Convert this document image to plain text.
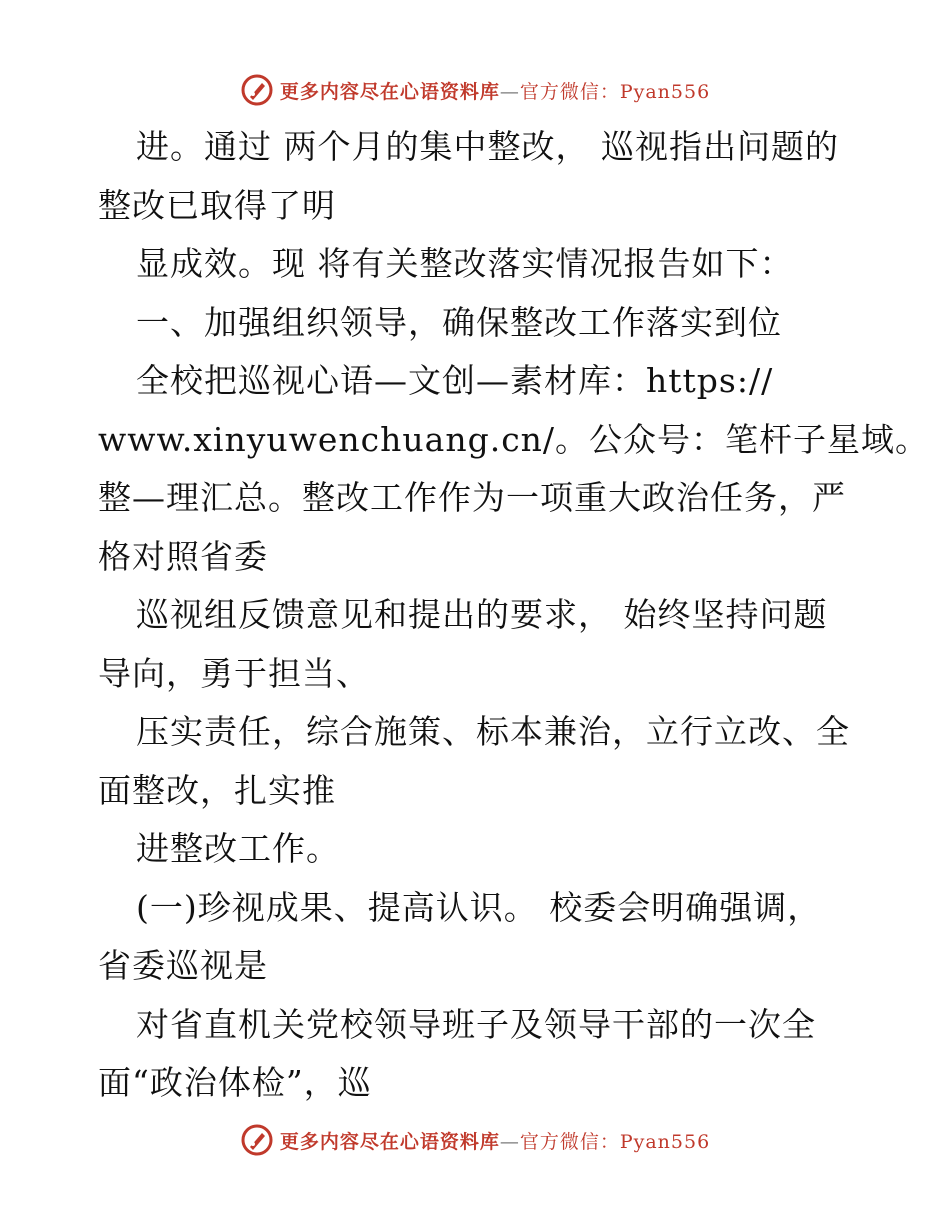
更多内容尽在心语资料库—官方微信：Pyan556
进。通过 两个月的集中整改， 巡视指出问题的
整改已取得了明
显成效。现 将有关整改落实情况报告如下：
一、加强组织领导，确保整改工作落实到位
全校把巡视心语—文创—素材库：https://
www.xinyuwenchuang.cn/。公众号：笔杆子星域。
整—理汇总。整改工作作为一项重大政治任务，严
格对照省委
巡视组反馈意见和提出的要求， 始终坚持问题
导向，勇于担当、
压实责任，综合施策、标本兼治，立行立改、全
面整改，扎实推
进整改工作。
(一)珍视成果、提高认识。 校委会明确强调，
省委巡视是
对省直机关党校领导班子及领导干部的一次全
面“政治体检”，巡
更多内容尽在心语资料库—官方微信：Pyan556
